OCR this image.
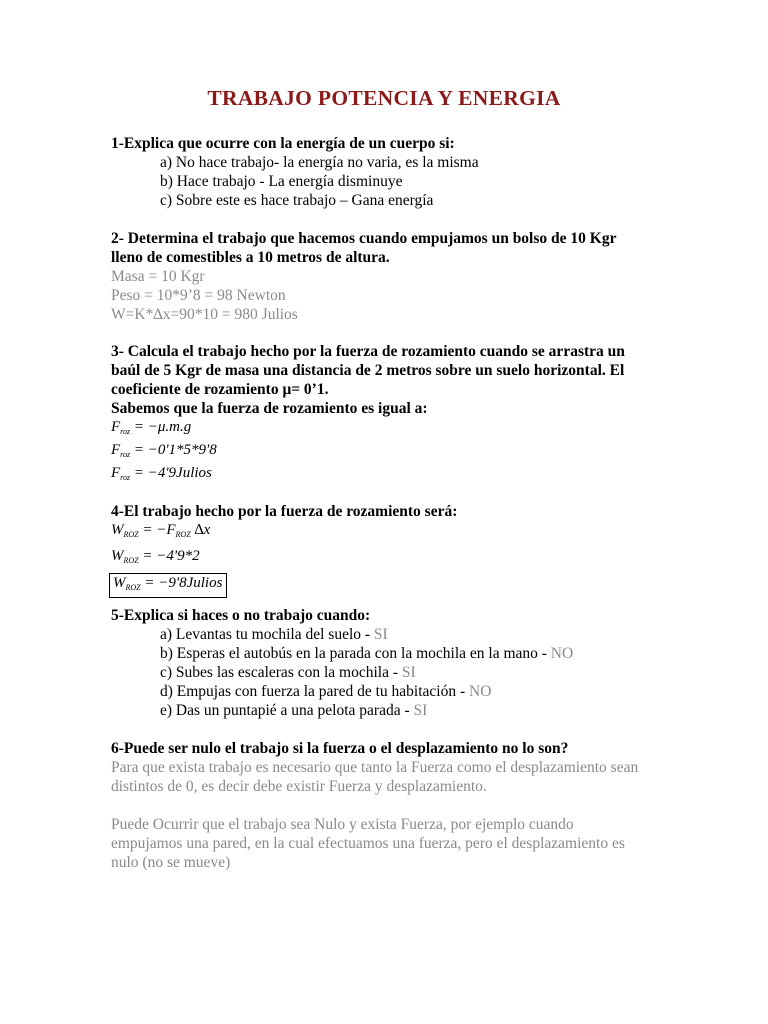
TRABAJO POTENCIA Y ENERGIA
1-Explica que ocurre con la energía de un cuerpo si:
a) No hace trabajo- la energía no varia, es la misma
b) Hace trabajo - La energía disminuye
c) Sobre este es hace trabajo – Gana energía
2- Determina el trabajo que hacemos cuando empujamos un bolso de 10 Kgr lleno de comestibles a 10 metros de altura.
Masa = 10 Kgr
Peso = 10*9’8 = 98 Newton
W=K*∆x=90*10 = 980 Julios
3- Calcula el trabajo hecho por la fuerza de rozamiento cuando se arrastra un baúl de 5 Kgr de masa una distancia de 2 metros sobre un suelo horizontal. El coeficiente de rozamiento μ= 0’1.
Sabemos que la fuerza de rozamiento es igual a:
$F_{roz} = -\mu.m.g$
$F_{roz} = -0'1*5*9'8$
$F_{roz}$ = −4'9Julios
4-El trabajo hecho por la fuerza de rozamiento será:
$W_{ROZ} = -F_{ROZ}$ ∆x
$W_{ROZ} = -4'9*2$
$W_{ROZ}$ = −9'8Julios
5-Explica si haces o no trabajo cuando:
a) Levantas tu mochila del suelo - SI
b) Esperas el autobús en la parada con la mochila en la mano - NO
c) Subes las escaleras con la mochila - SI
d) Empujas con fuerza la pared de tu habitación - NO
e) Das un puntapié a una pelota parada - SI
6-Puede ser nulo el trabajo si la fuerza o el desplazamiento no lo son?
Para que exista trabajo es necesario que tanto la Fuerza como el desplazamiento sean distintos de 0, es decir debe existir Fuerza y desplazamiento.
Puede Ocurrir que el trabajo sea Nulo y exista Fuerza, por ejemplo cuando empujamos una pared, en la cual efectuamos una fuerza, pero el desplazamiento es nulo (no se mueve)
